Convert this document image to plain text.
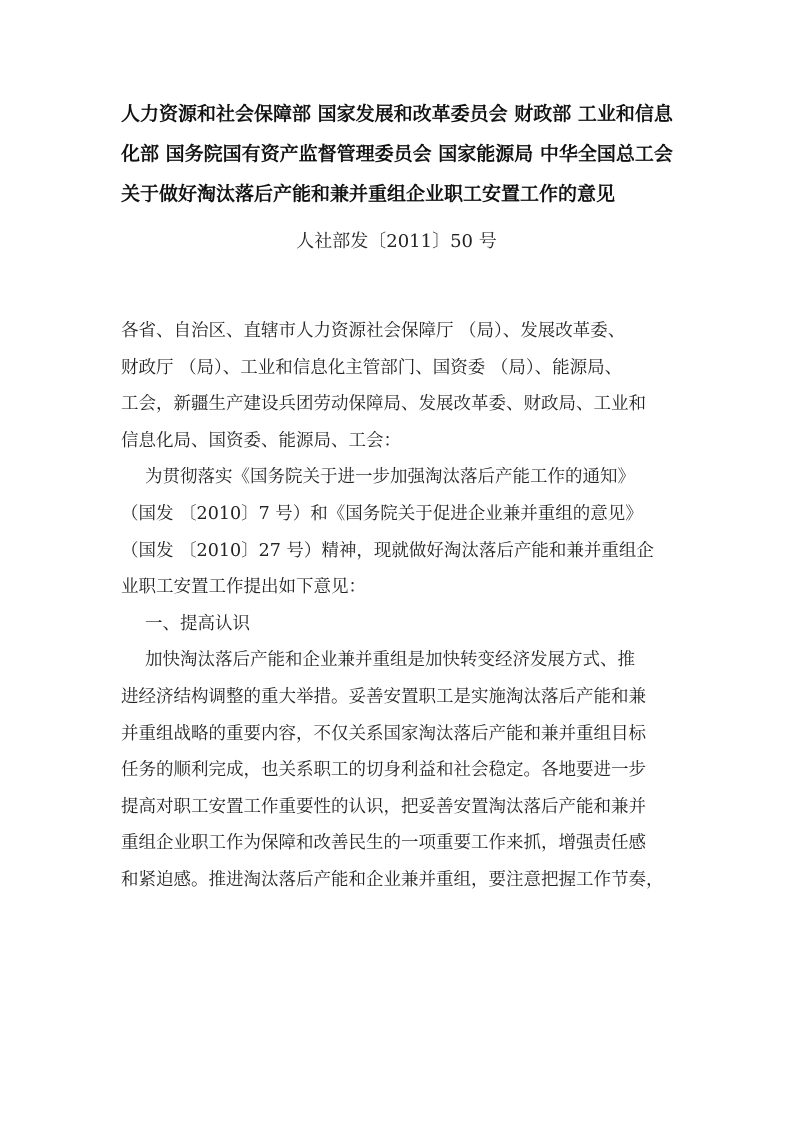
人力资源和社会保障部 国家发展和改革委员会 财政部 工业和信息
化部 国务院国有资产监督管理委员会 国家能源局 中华全国总工会
关于做好淘汰落后产能和兼并重组企业职工安置工作的意见
人社部发〔2011〕50 号
各省、自治区、直辖市人力资源社会保障厅 （局）、发展改革委、
财政厅 （局）、工业和信息化主管部门、国资委 （局）、能源局、
工会，新疆生产建设兵团劳动保障局、发展改革委、财政局、工业和
信息化局、国资委、能源局、工会：
为贯彻落实《国务院关于进一步加强淘汰落后产能工作的通知》
（国发 〔2010〕7 号）和《国务院关于促进企业兼并重组的意见》
（国发 〔2010〕27 号）精神，现就做好淘汰落后产能和兼并重组企
业职工安置工作提出如下意见：
一、提高认识
加快淘汰落后产能和企业兼并重组是加快转变经济发展方式、推
进经济结构调整的重大举措。妥善安置职工是实施淘汰落后产能和兼
并重组战略的重要内容，不仅关系国家淘汰落后产能和兼并重组目标
任务的顺利完成，也关系职工的切身利益和社会稳定。各地要进一步
提高对职工安置工作重要性的认识，把妥善安置淘汰落后产能和兼并
重组企业职工作为保障和改善民生的一项重要工作来抓，增强责任感
和紧迫感。推进淘汰落后产能和企业兼并重组，要注意把握工作节奏，
